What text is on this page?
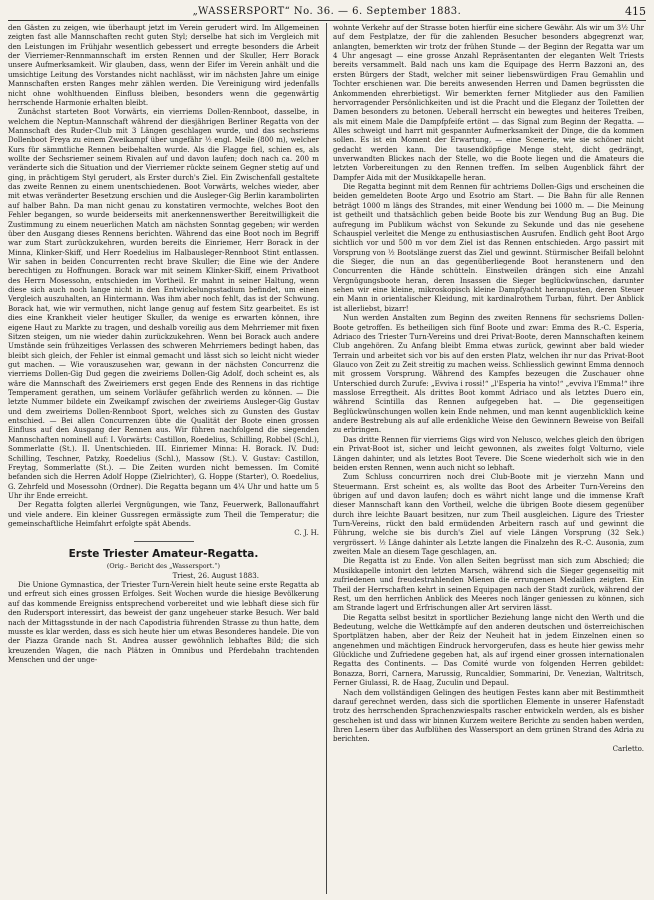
„WASSERSPORT“ No. 36. — 6. September 1883.	415

den Gästen zu zeigen, wie überhaupt jetzt im Verein gerudert wird. Im Allgemeinen zeigten fast alle Mannschaften recht guten Styl; derselbe hat sich im Vergleich mit den Leistungen im Frühjahr wesentlich gebessert und erregte besonders die Arbeit der Vierriemer-Rennmannschaft im ersten Rennen und der Skuller, Herr Borack unsere Aufmerksamkeit. Wir glauben, dass, wenn der Eifer im Verein anhält und die umsichtige Leitung des Vorstandes nicht nachlässt, wir im nächsten Jahre um einige Mannschaften ersten Ranges mehr zählen werden. Die Vereinigung wird jedenfalls nicht ohne wohlthuenden Einfluss bleiben, besonders wenn die gegenwärtig herrschende Harmonie erhalten bleibt.

Zunächst starteten Boot Vorwärts, ein vierriems Dollen-Rennboot, dasselbe, in welchem die Neptun-Mannschaft während der diesjährigen Berliner Regatta von der Mannschaft des Ruder-Club mit 3 Längen geschlagen wurde, und das sechsriems Dollenboot Freya zu einem Zweikampf über ungefähr ½ engl. Meile (800 m), welcher Kurs für sämmtliche Rennen beibehalten wurde. Als die Flagge fiel, schien es, als wollte der Sechsriemer seinem Rivalen auf und davon laufen; doch nach ca. 200 m veränderte sich die Situation und der Vierriemer rückte seinem Gegner stetig auf und ging, in prächtigem Styl gerudert, als Erster durch's Ziel. Ein Zwischenfall gestaltete das zweite Rennen zu einem unentschiedenen. Boot Vorwärts, welches wieder, aber mit etwas veränderter Besetzung erschien und die Ausleger-Gig Berlin karambolirten auf halber Bahn. Da man nicht genau zu konstatiren vermochte, welches Boot den Fehler begangen, so wurde beiderseits mit anerkennenswerther Bereitwilligkeit die Zustimmung zu einem neuerlichen Match am nächsten Sonntag gegeben; wir werden über den Ausgang dieses Rennens berichten. Während das eine Boot noch im Begriff war zum Start zurückzukehren, wurden bereits die Einriemer, Herr Borack in der Minna, Klinker-Skiff, und Herr Roedelius im Halbausleger-Rennboot Stint entlassen. Wir sahen in beiden Concurrenten recht brave Skuller; die Eine wie der Andere berechtigen zu Hoffnungen. Borack war mit seinem Klinker-Skiff, einem Privatboot des Herrn Mosessohn, entschieden im Vortheil. Er mahnt in seiner Haltung, wenn diese sich auch noch lange nicht in den Entwickelungsstadium befindet, um einen Vergleich auszuhalten, an Hintermann. Was ihm aber noch fehlt, das ist der Schwung. Borack hat, wie wir vermuthen, nicht lange genug auf festem Sitz gearbeitet. Es ist dies eine Krankheit vieler heutiger Skuller, da wenige es erwarten können, ihre eigene Haut zu Markte zu tragen, und deshalb voreilig aus dem Mehrriemer mit fixen Sitzen steigen, um nie wieder dahin zurückzukehren. Wenn bei Borack auch andere Umstände sein frühzeitiges Verlassen des schweren Mehrriemers bedingt haben, das bleibt sich gleich, der Fehler ist einmal gemacht und lässt sich so leicht nicht wieder gut machen. — Wie vorauszusehen war, gewann in der nächsten Concurrenz die vierriems Dollen-Gig Dud gegen die zweiriems Dollen-Gig Adolf, doch scheint es, als wäre die Mannschaft des Zweiriemers erst gegen Ende des Rennens in das richtige Temperament gerathen, um seinem Vorläufer gefährlich werden zu können. — Die letzte Nummer bildete ein Zweikampf zwischen der zweiriems Ausleger-Gig Gustav und dem zweiriems Dollen-Rennboot Sport, welches sich zu Gunsten des Gustav entschied. — Bei allen Concurrenzen übte die Qualität der Boote einen grossen Einfluss auf den Ausgang der Rennen aus. Wir führen nachfolgend die siegenden Mannschaften nominell auf: I. Vorwärts: Castillon, Roedelius, Schilling, Robbel (Schl.), Sommerlatte (St.). II. Unentschieden. III. Einriemer Minna: H. Borack. IV. Dud: Schilling, Teschner, Patzky, Roedelius (Schl.), Massow (St.). V. Gustav: Castillon, Freytag, Sommerlatte (St.). — Die Zeiten wurden nicht bemessen. Im Comité befanden sich die Herren Adolf Hoppe (Zielrichter), G. Hoppe (Starter), O. Roedelius, G. Zehrfeld und Mosessohn (Ordner). Die Regatta begann um 4¼ Uhr und hatte um 5 Uhr ihr Ende erreicht.

Der Regatta folgten allerlei Vergnügungen, wie Tanz, Feuerwerk, Ballonauffahrt und viele andere. Ein kleiner Gussregen ermässigte zum Theil die Temperatur; die gemeinschaftliche Heimfahrt erfolgte spät Abends.

C. J. H.
Erste Triester Amateur-Regatta.
(Orig.- Bericht des „Wassersport.“)
Triest, 26. August 1883.

Die Unione Gymnastica, der Triester Turn-Verein hielt heute seine erste Regatta ab und erfreut sich eines grossen Erfolges. Seit Wochen wurde die hiesige Bevölkerung auf das kommende Ereigniss entsprechend vorbereitet und wie lebhaft diese sich für den Rudersport interessirt, das beweist der ganz ungeheuer starke Besuch. Wer bald nach der Mittagsstunde in der nach Capodistria führenden Strasse zu thun hatte, dem musste es klar werden, dass es sich heute hier um etwas Besonderes handele. Die von der Piazza Grande nach St. Andrea ausser gewöhnlich lebhaftes Bild; die sich kreuzenden Wagen, die nach Plätzen in Omnibus und Pferdebahn trachtenden Menschen und der unge-

wohnte Verkehr auf der Strasse boten hierfür eine sichere Gewähr. Als wir um 3½ Uhr auf dem Festplatze, der für die zahlenden Besucher besonders abgegrenzt war, anlangten, bemerkten wir trotz der frühen Stunde — der Beginn der Regatta war um 4 Uhr angesagt — eine grosse Anzahl Repräsentanten der eleganten Welt Triests bereits versammelt. Bald nach uns kam die Equipage des Herrn Bazzoni an, des ersten Bürgers der Stadt, welcher mit seiner liebenswürdigen Frau Gemahlin und Tochter erschienen war. Die bereits anwesenden Herren und Damen begrüssten die Ankommenden ehrerbietigst. Wir bemerkten ferner Mitglieder aus den Familien hervorragender Persönlichkeiten und ist die Pracht und die Eleganz der Toiletten der Damen besonders zu betonen. Ueberall herrscht ein bewegtes und heiteres Treiben, als mit einem Male die Dampfpfeife ertönt — das Signal zum Beginn der Regatta. — Alles schweigt und harrt mit gespannter Aufmerksamkeit der Dinge, die da kommen sollen. Es ist ein Moment der Erwartung, — eine Scenerie, wie sie schöner nicht gedacht werden kann. Die tausendköpfige Menge steht, dicht gedrängt, unverwandten Blickes nach der Stelle, wo die Boote liegen und die Amateurs die letzten Vorbereitungen zu den Rennen treffen. Im selben Augenblick fährt der Dampfer Aida mit der Musikkapelle heran.

Die Regatta beginnt mit dem Rennen für achtriems Dollen-Gigs und erscheinen die beiden gemeldeten Boote Argo und Esotrio am Start. — Die Bahn für alle Rennen beträgt 1000 m längs des Strandes, mit einer Wendung bei 1000 m. — Die Meinung ist getheilt und thatsächlich geben beide Boote bis zur Wendung Bug an Bug. Die aufregung im Publikum wächst von Sekunde zu Sekunde und das nie gesehene Schauspiel verleitet die Menge zu enthusiastischen Ausrufen. Endlich geht Boot Argo sichtlich vor und 500 m vor dem Ziel ist das Rennen entschieden. Argo passirt mit Vorsprung von ½ Bootslänge zuerst das Ziel und gewinnt. Stürmischer Beifall belohnt die Sieger, die nun an das gegenüberliegende Boot heranstenern und den Concurrenten die Hände schütteln. Einstweilen drängen sich eine Anzahl Vergnügungsboote heran, deren Insassen die Sieger beglückwünschen, darunter sehen wir eine kleine, mikroskopisch kleine Dampfyacht heranpusten, deren Steuer ein Mann in orientalischer Kleidung, mit kardinalrothem Turban, führt. Der Anblick ist allerliebst, bizarr!

Nun werden Anstalten zum Beginn des zweiten Rennens für sechsriems Dollen-Boote getroffen. Es betheiligen sich fünf Boote und zwar: Emma des R.-C. Esperia, Adriaco des Triester Turn-Vereins und drei Privat-Boote, deren Mannschaften keinem Club angehören. Zu Anfang bleibt Emma etwas zurück, gewinnt aber bald wieder Terrain und arbeitet sich vor bis auf den ersten Platz, welchen ihr nur das Privat-Boot Glauco von Zeit zu Zeit streitig zu machen weiss. Schliesslich gewinnt Emma dennoch mit grossem Vorsprung. Während des Kampfes bezeugen die Zuschauer ohne Unterschied durch Zurufe: „Evviva i rossi!“ „l'Esperia ha vinto!“ „evviva l'Emma!“ ihre masslose Erregtheit. Als drittes Boot kommt Adriaco und als letztes Duero ein, während Scintilla das Rennen aufgegeben hat. — Die gegenseitigen Beglückwünschungen wollen kein Ende nehmen, und man kennt augenblicklich keine andere Bestrebung als auf alle erdenkliche Weise den Gewinnern Beweise von Beifall zu erbringen.

Das dritte Rennen für vierriems Gigs wird von Nelusco, welches gleich den übrigen ein Privat-Boot ist, sicher und leicht gewonnen, als zweites folgt Volturno, viele Längen dahinter, und als letztes Boot Tevere. Die Scene wiederholt sich wie in den beiden ersten Rennen, wenn auch nicht so lebhaft.

Zum Schluss concurriren noch drei Club-Boote mit je vierzehn Mann und Steuermann. Erst scheint es, als wollte das Boot des Arbeiter Turn-Vereins den übrigen auf und davon laufen; doch es währt nicht lange und die immense Kraft dieser Mannschaft kann den Vortheil, welche die übrigen Boote diesem gegenüber durch ihre leichte Bauart besitzen, nur zum Theil ausgleichen. Ligure des Triester Turn-Vereins, rückt den bald ermüdenden Arbeitern rasch auf und gewinnt die Führung, welche sie bis durch's Ziel auf viele Längen Vorsprung (32 Sek.) vergrössert. ½ Länge dahinter als Letzte langen die Finalzehn des R.-C. Ausonia, zum zweiten Male an diesem Tage geschlagen, an.

Die Regatta ist zu Ende. Von allen Seiten begrüsst man sich zum Abschied; die Musikkapelle intonirt den letzten Marsch, während sich die Sieger gegenseitig mit zufriedenen und freudestrahlenden Mienen die errungenen Medaillen zeigten. Ein Theil der Herrschaften kehrt in seinen Equipagen nach der Stadt zurück, während der Rest, um den herrlichen Anblick des Meeres noch länger geniessen zu können, sich am Strande lagert und Erfrischungen aller Art serviren lässt.

Die Regatta selbst besitzt in sportlicher Beziehung lange nicht den Werth und die Bedeutung, welche die Wettkämpfe auf den anderen deutschen und österreichischen Sportplätzen haben, aber der Reiz der Neuheit hat in jedem Einzelnen einen so angenehmen und mächtigen Eindruck hervorgerufen, dass es heute hier gewiss mehr Glückliche und Zufriedene gegeben hat, als auf irgend einer grossen internationalen Regatta des Continents. — Das Comité wurde von folgenden Herren gebildet: Bonazza, Borri, Carnera, Marussig, Runcaldier, Sommarini, Dr. Venezian, Waltritsch, Ferner Giulassi, R. de Haag, Zuculin und Depaul.

Nach dem vollständigen Gelingen des heutigen Festes kann aber mit Bestimmtheit darauf gerechnet werden, dass sich die sportlichen Elemente in unserer Hafenstadt trotz des herrschenden Sprachenzwiespalts rascher entwickeln werden, als es bisher geschehen ist und dass wir binnen Kurzem weitere Berichte zu senden haben werden, Ihren Lesern über das Aufblühen des Wassersport an dem grünen Strand des Adria zu berichten.

Carletto.
